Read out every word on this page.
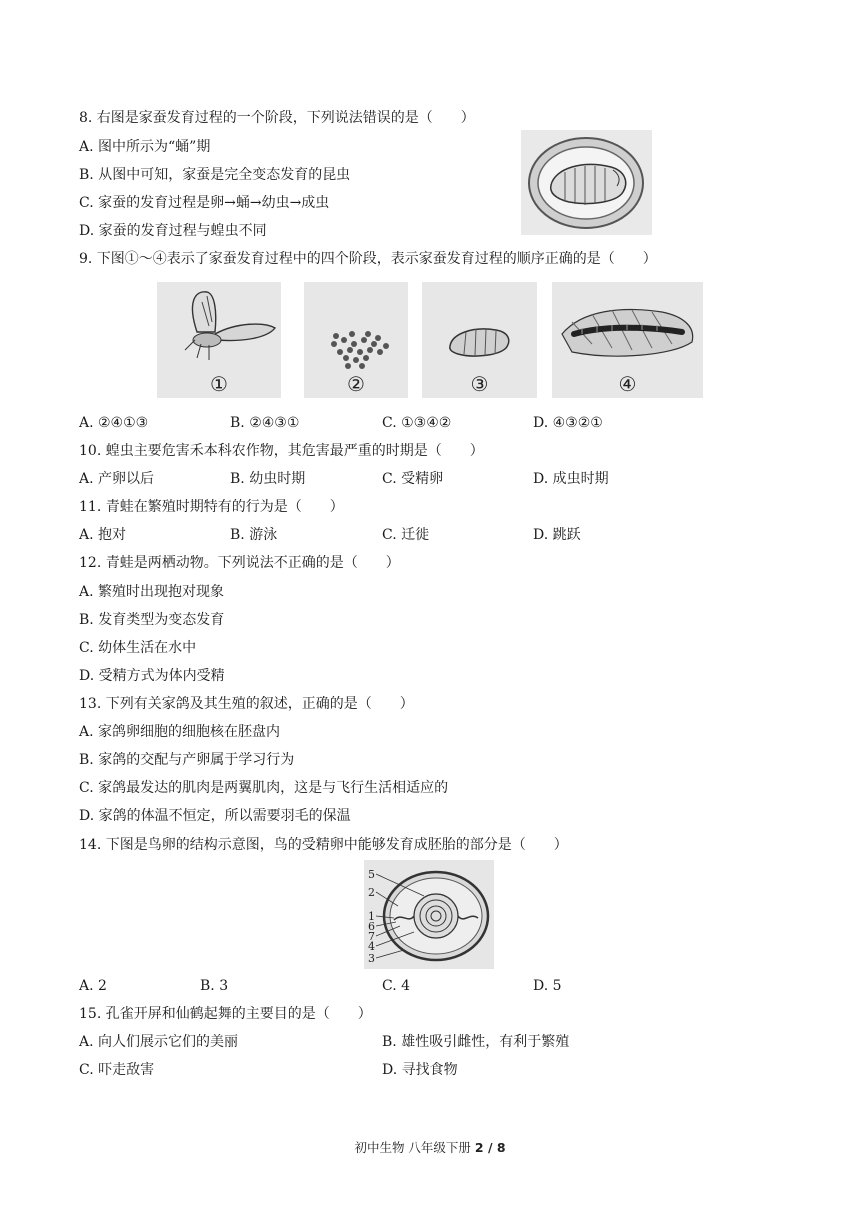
8. 右图是家蚕发育过程的一个阶段，下列说法错误的是（　　）
A. 图中所示为“蛹”期
B. 从图中可知，家蚕是完全变态发育的昆虫
C. 家蚕的发育过程是卵→蛹→幼虫→成虫
D. 家蚕的发育过程与蝗虫不同
9. 下图①～④表示了家蚕发育过程中的四个阶段，表示家蚕发育过程的顺序正确的是（　　）
①	②	③	④
A. ②④①③	B. ②④③①	C. ①③④②	D. ④③②①
10. 蝗虫主要危害禾本科农作物，其危害最严重的时期是（　　）
A. 产卵以后	B. 幼虫时期	C. 受精卵	D. 成虫时期
11. 青蛙在繁殖时期特有的行为是（　　）
A. 抱对	B. 游泳	C. 迁徙	D. 跳跃
12. 青蛙是两栖动物。下列说法不正确的是（　　）
A. 繁殖时出现抱对现象
B. 发育类型为变态发育
C. 幼体生活在水中
D. 受精方式为体内受精
13. 下列有关家鸽及其生殖的叙述，正确的是（　　）
A. 家鸽卵细胞的细胞核在胚盘内
B. 家鸽的交配与产卵属于学习行为
C. 家鸽最发达的肌肉是两翼肌肉，这是与飞行生活相适应的
D. 家鸽的体温不恒定，所以需要羽毛的保温
14. 下图是鸟卵的结构示意图，鸟的受精卵中能够发育成胚胎的部分是（　　）
5
2
1
6
7
4
3
A. 2	B. 3	C. 4	D. 5
15. 孔雀开屏和仙鹤起舞的主要目的是（　　）
A. 向人们展示它们的美丽	B. 雄性吸引雌性，有利于繁殖
C. 吓走敌害	D. 寻找食物
初中生物 八年级下册 2 / 8
